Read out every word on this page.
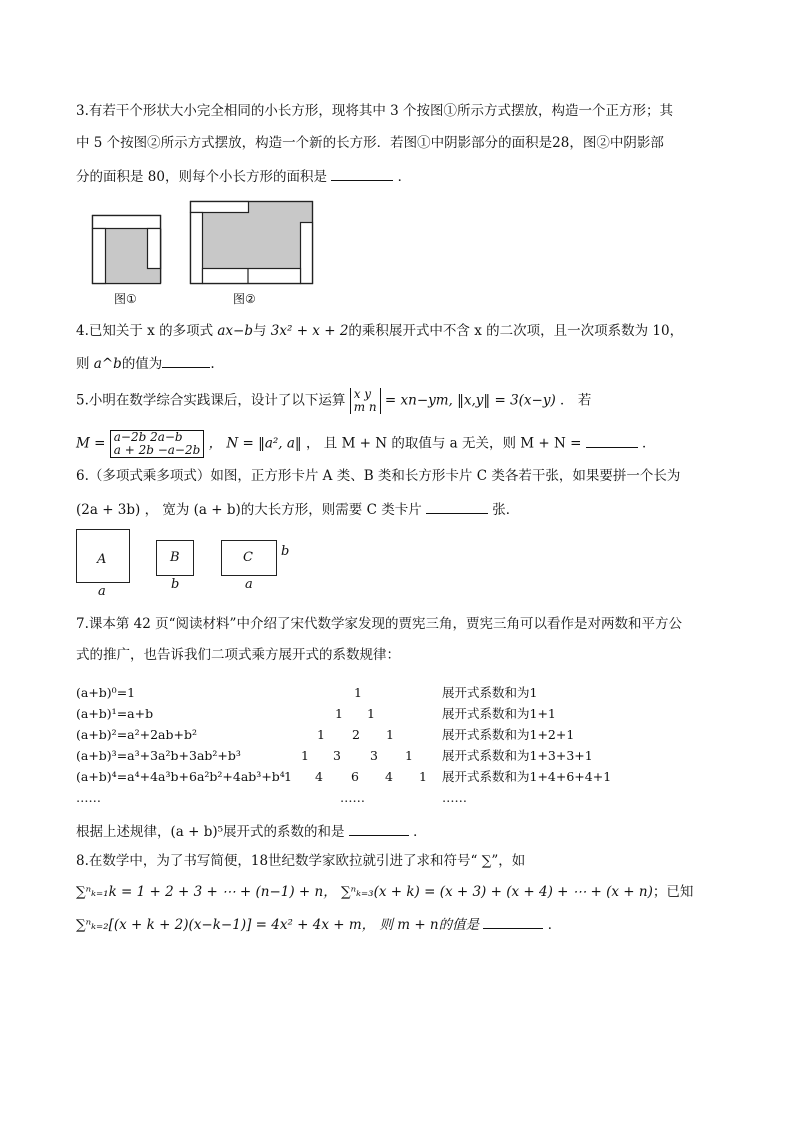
3.有若干个形状大小完全相同的小长方形，现将其中 3 个按图①所示方式摆放，构造一个正方形；其
中 5 个按图②所示方式摆放，构造一个新的长方形．若图①中阴影部分的面积是28，图②中阴影部
分的面积是 80，则每个小长方形的面积是	．
图①	图②
4.已知关于 x 的多项式 ax−b与 3x² + x + 2的乘积展开式中不含 x 的二次项，且一次项系数为 10，
则 a^b的值为	.
5.小明在数学综合实践课后，设计了以下运算 x y
m n = xn−ym, ‖x,y‖ = 3(x−y) ． 若
M = a−2b 2a−b
a + 2b −a−2b ， N = ‖a², a‖ ， 且 M + N 的取值与 a 无关，则 M + N =	．
6.（多项式乘多项式）如图，正方形卡片 A 类、B 类和长方形卡片 C 类各若干张，如果要拼一个长为
(2a + 3b) ， 宽为 (a + b)的大长方形，则需要 C 类卡片	张．
A
a
B
b
C
a
b
7.课本第 42 页“阅读材料”中介绍了宋代数学家发现的贾宪三角，贾宪三角可以看作是对两数和平方公
式的推广，也告诉我们二项式乘方展开式的系数规律：
(a+b)⁰=1	1	展开式系数和为1
(a+b)¹=a+b	1 1	展开式系数和为1+1
(a+b)²=a²+2ab+b²	1 2 1	展开式系数和为1+2+1
(a+b)³=a³+3a²b+3ab²+b³	1 3 3 1 展开式系数和为1+3+3+1
(a+b)⁴=a⁴+4a³b+6a²b²+4ab³+b⁴ 1 4 6 4 1 展开式系数和为1+4+6+4+1
……	……	……
根据上述规律，(a + b)⁵展开式的系数的和是	．
8.在数学中，为了书写简便，18世纪数学家欧拉就引进了求和符号“ ∑”，如
∑ⁿₖ₌₁k = 1 + 2 + 3 + ⋯ + (n−1) + n， ∑ⁿₖ₌₃(x + k) = (x + 3) + (x + 4) + ⋯ + (x + n)；已知
∑ⁿₖ₌₂[(x + k + 2)(x−k−1)] = 4x² + 4x + m， 则 m + n的值是	．
